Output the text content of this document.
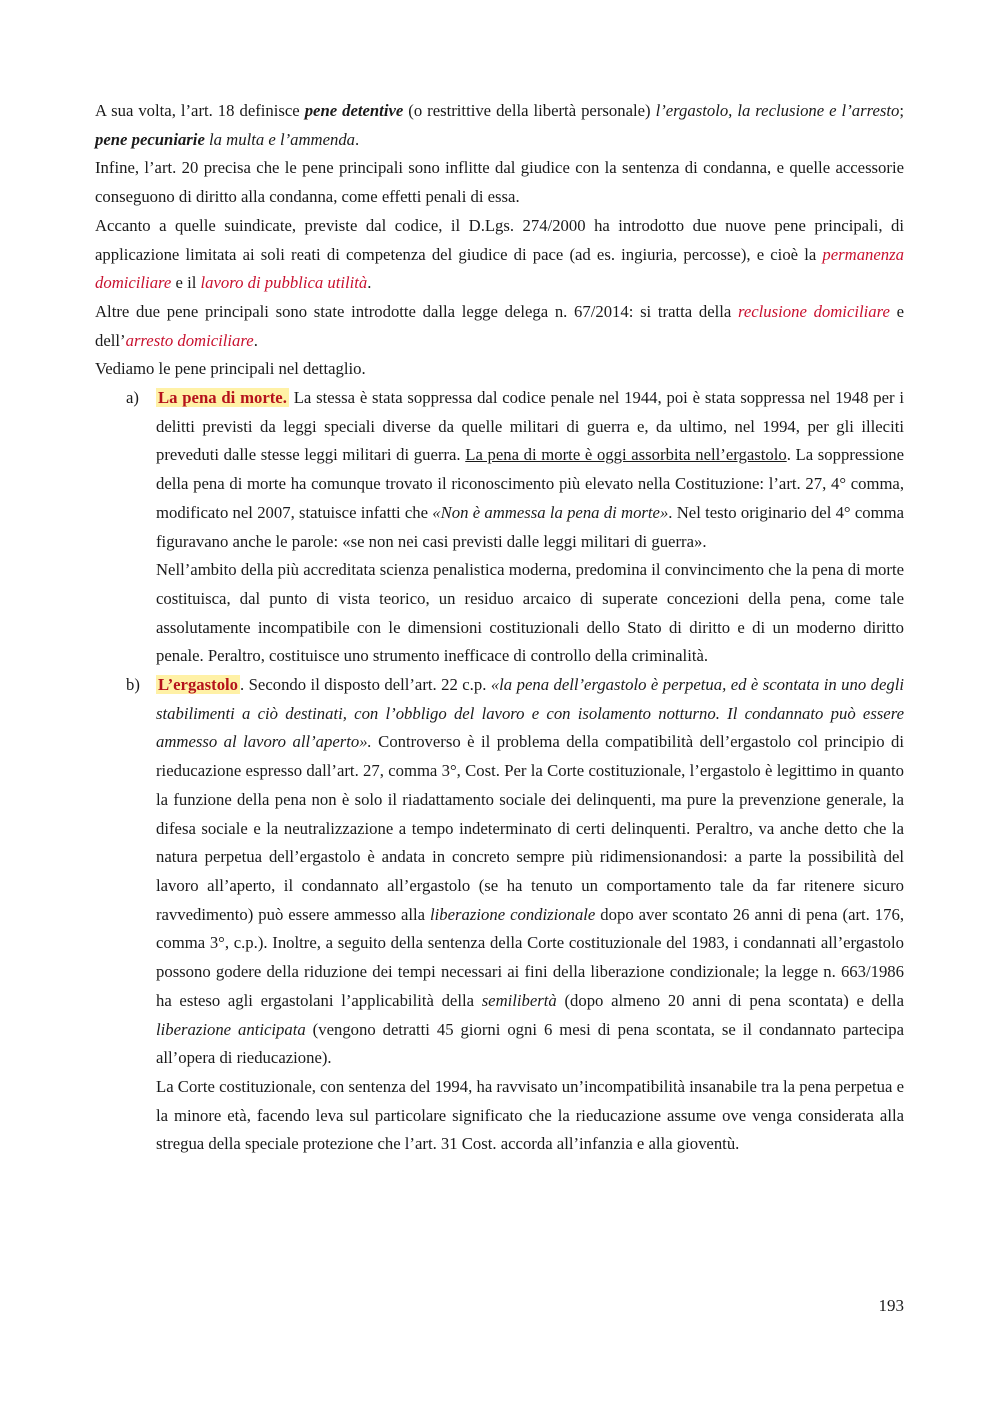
A sua volta, l’art. 18 definisce pene detentive (o restrittive della libertà personale) l’ergastolo, la reclusione e l’arresto; pene pecuniarie la multa e l’ammenda.

Infine, l’art. 20 precisa che le pene principali sono inflitte dal giudice con la sentenza di condanna, e quelle accessorie conseguono di diritto alla condanna, come effetti penali di essa.

Accanto a quelle suindicate, previste dal codice, il D.Lgs. 274/2000 ha introdotto due nuove pene principali, di applicazione limitata ai soli reati di competenza del giudice di pace (ad es. ingiuria, percosse), e cioè la permanenza domiciliare e il lavoro di pubblica utilità.

Altre due pene principali sono state introdotte dalla legge delega n. 67/2014: si tratta della reclusione domiciliare e dell’arresto domiciliare.

Vediamo le pene principali nel dettaglio.

a) La pena di morte. La stessa è stata soppressa dal codice penale nel 1944, poi è stata soppressa nel 1948 per i delitti previsti da leggi speciali diverse da quelle militari di guerra e, da ultimo, nel 1994, per gli illeciti preveduti dalle stesse leggi militari di guerra. La pena di morte è oggi assorbita nell’ergastolo. La soppressione della pena di morte ha comunque trovato il riconoscimento più elevato nella Costituzione: l’art. 27, 4° comma, modificato nel 2007, statuisce infatti che «Non è ammessa la pena di morte». Nel testo originario del 4° comma figuravano anche le parole: «se non nei casi previsti dalle leggi militari di guerra».

Nell’ambito della più accreditata scienza penalistica moderna, predomina il convincimento che la pena di morte costituisca, dal punto di vista teorico, un residuo arcaico di superate concezioni della pena, come tale assolutamente incompatibile con le dimensioni costituzionali dello Stato di diritto e di un moderno diritto penale. Peraltro, costituisce uno strumento inefficace di controllo della criminalità.

b) L’ergastolo . Secondo il disposto dell’art. 22 c.p. «la pena dell’ergastolo è perpetua, ed è scontata in uno degli stabilimenti a ciò destinati, con l’obbligo del lavoro e con isolamento notturno. Il condannato può essere ammesso al lavoro all’aperto». Controverso è il problema della compatibilità dell’ergastolo col principio di rieducazione espresso dall’art. 27, comma 3°, Cost. Per la Corte costituzionale, l’ergastolo è legittimo in quanto la funzione della pena non è solo il riadattamento sociale dei delinquenti, ma pure la prevenzione generale, la difesa sociale e la neutralizzazione a tempo indeterminato di certi delinquenti. Peraltro, va anche detto che la natura perpetua dell’ergastolo è andata in concreto sempre più ridimensionandosi: a parte la possibilità del lavoro all’aperto, il condannato all’ergastolo (se ha tenuto un comportamento tale da far ritenere sicuro ravvedimento) può essere ammesso alla liberazione condizionale dopo aver scontato 26 anni di pena (art. 176, comma 3°, c.p.). Inoltre, a seguito della sentenza della Corte costituzionale del 1983, i condannati all’ergastolo possono godere della riduzione dei tempi necessari ai fini della liberazione condizionale; la legge n. 663/1986 ha esteso agli ergastolani l’applicabilità della semilibertà (dopo almeno 20 anni di pena scontata) e della liberazione anticipata (vengono detratti 45 giorni ogni 6 mesi di pena scontata, se il condannato partecipa all’opera di rieducazione).

La Corte costituzionale, con sentenza del 1994, ha ravvisato un’incompatibilità insanabile tra la pena perpetua e la minore età, facendo leva sul particolare significato che la rieducazione assume ove venga considerata alla stregua della speciale protezione che l’art. 31 Cost. accorda all’infanzia e alla gioventù.

193
